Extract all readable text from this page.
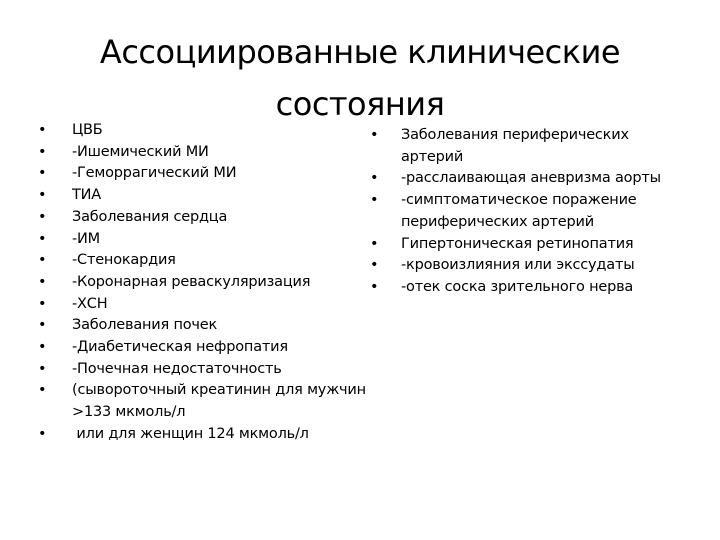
Ассоциированные клинические состояния
•	ЦВБ
•	-Ишемический МИ
•	-Геморрагический МИ
•	ТИА
•	Заболевания сердца
•	-ИМ
•	-Стенокардия
•	-Коронарная реваскуляризация
•	-ХСН
•	Заболевания почек
•	-Диабетическая нефропатия
•	-Почечная недостаточность
•	(сывороточный креатинин для мужчин >133 мкмоль/л
•	или для женщин 124 мкмоль/л
•	Заболевания периферических артерий
•	-расслаивающая аневризма аорты
•	-симптоматическое поражение периферических артерий
•	Гипертоническая ретинопатия
•	-кровоизлияния или экссудаты
•	-отек соска зрительного нерва
